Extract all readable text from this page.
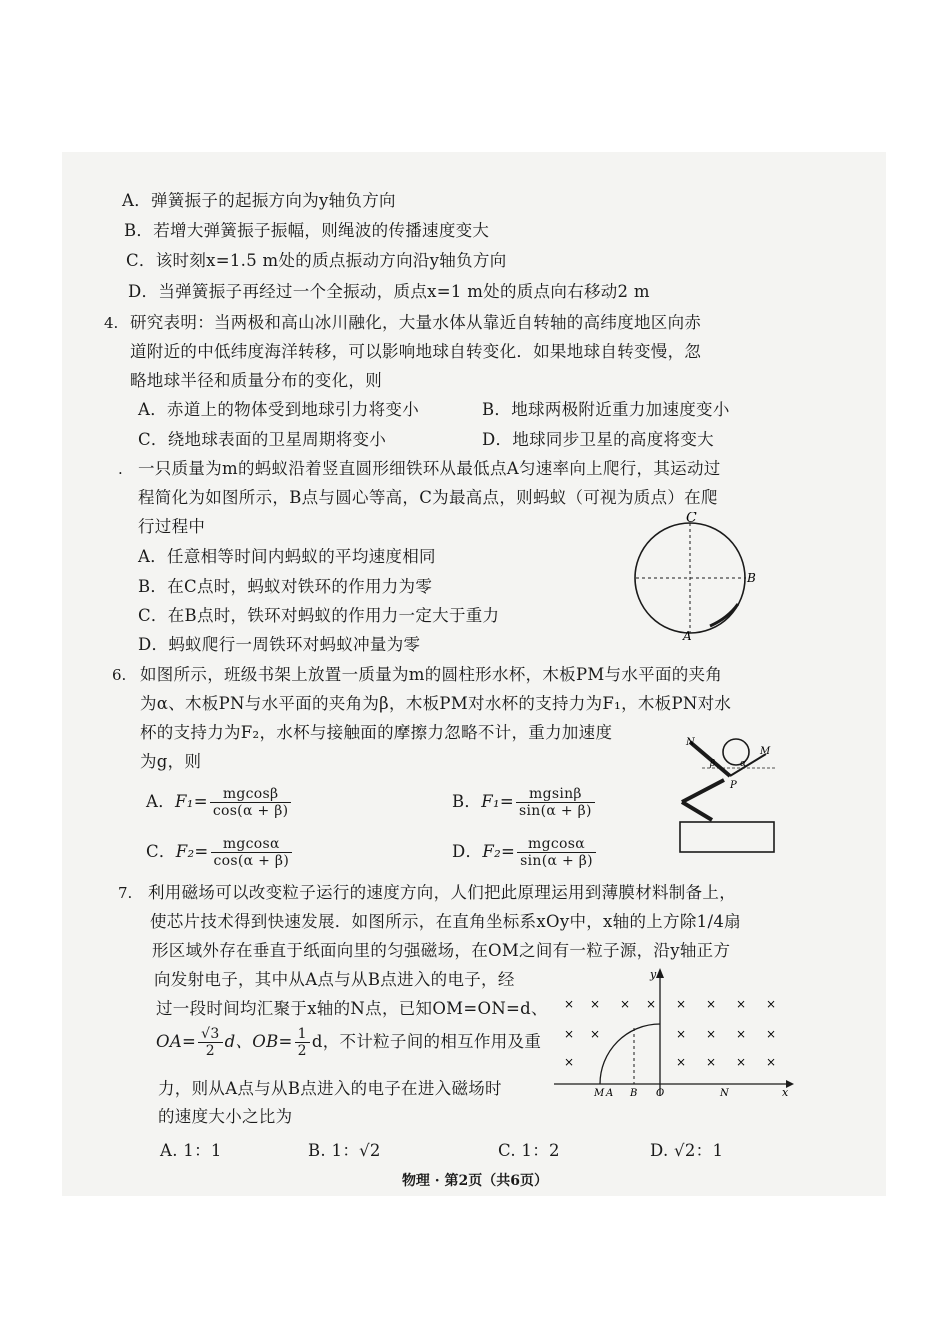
A．弹簧振子的起振方向为y轴负方向
B．若增大弹簧振子振幅，则绳波的传播速度变大
C．该时刻x=1.5 m处的质点振动方向沿y轴负方向
D．当弹簧振子再经过一个全振动，质点x=1 m处的质点向右移动2 m
4. 研究表明：当两极和高山冰川融化，大量水体从靠近自转轴的高纬度地区向赤
道附近的中低纬度海洋转移，可以影响地球自转变化．如果地球自转变慢，忽
略地球半径和质量分布的变化，则
A．赤道上的物体受到地球引力将变小	B．地球两极附近重力加速度变小
C．绕地球表面的卫星周期将变小	D．地球同步卫星的高度将变大
. 一只质量为m的蚂蚁沿着竖直圆形细铁环从最低点A匀速率向上爬行，其运动过
程简化为如图所示，B点与圆心等高，C为最高点，则蚂蚁（可视为质点）在爬
行过程中
A．任意相等时间内蚂蚁的平均速度相同
B．在C点时，蚂蚁对铁环的作用力为零
C．在B点时，铁环对蚂蚁的作用力一定大于重力
D．蚂蚁爬行一周铁环对蚂蚁冲量为零
C
B
A
6. 如图所示，班级书架上放置一质量为m的圆柱形水杯，木板PM与水平面的夹角
为α、木板PN与水平面的夹角为β，木板PM对水杯的支持力为F₁，木板PN对水
杯的支持力为F₂，水杯与接触面的摩擦力忽略不计，重力加速度
为g，则
A．$F_1= \frac{mgcos\beta}{\cos(\alpha + \beta)}$	B．$F_1= \frac{mgsin\beta}{\sin(\alpha + \beta)}$
C．$F_2= \frac{mgcos\alpha}{\cos(\alpha + \beta)}$	D．$F_2= \frac{mgcos\alpha}{\sin(\alpha + \beta)}$
N
M
P
β	α
7. 利用磁场可以改变粒子运行的速度方向，人们把此原理运用到薄膜材料制备上，
使芯片技术得到快速发展．如图所示，在直角坐标系xOy中，x轴的上方除1/4扇
形区域外存在垂直于纸面向里的匀强磁场，在OM之间有一粒子源，沿y轴正方
向发射电子，其中从A点与从B点进入的电子，经
过一段时间均汇聚于x轴的N点，已知OM=ON=d、
$OA= \frac{√3}{2}$ d、$OB= \frac{1}{2}$ d，不计粒子间的相互作用及重
力，则从A点与从B点进入的电子在进入磁场时
的速度大小之比为
A. 1：1	B. 1：√2	C. 1：2	D. √2：1
× × × × ×
×
×
×
×
×
×
×
×
×
×
×
× ×
×
y
x
M A B O	N
物理 · 第2页（共6页）
